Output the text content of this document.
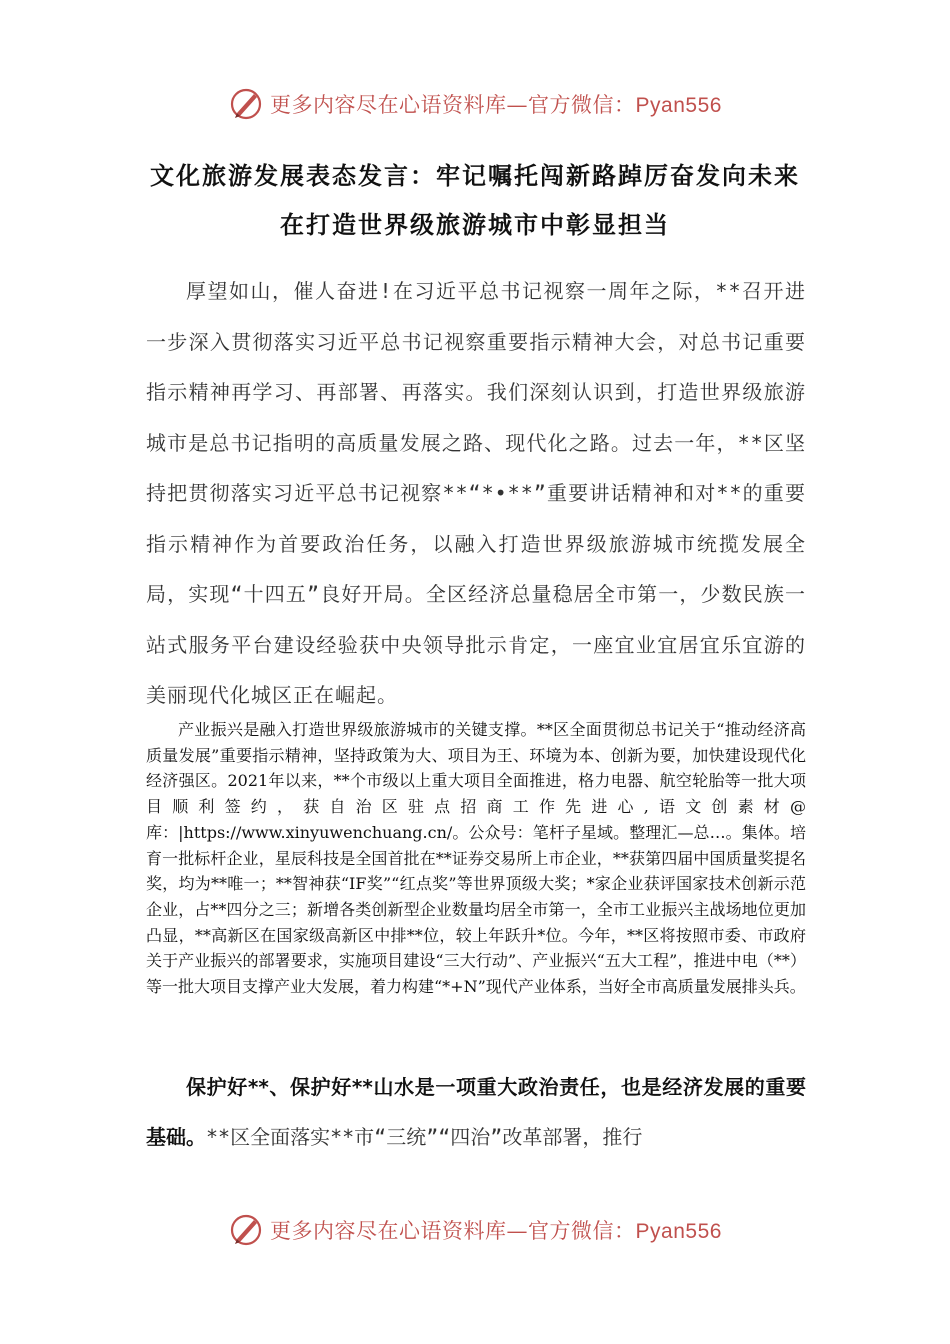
更多内容尽在心语资料库—官方微信：Pyan556
文化旅游发展表态发言：牢记嘱托闯新路踔厉奋发向未来
在打造世界级旅游城市中彰显担当

厚望如山，催人奋进!在习近平总书记视察一周年之际，**召开进一步深入贯彻落实习近平总书记视察重要指示精神大会，对总书记重要指示精神再学习、再部署、再落实。我们深刻认识到，打造世界级旅游城市是总书记指明的高质量发展之路、现代化之路。过去一年，**区坚持把贯彻落实习近平总书记视察**“*•**”重要讲话精神和对**的重要指示精神作为首要政治任务，以融入打造世界级旅游城市统揽发展全局，实现“十四五”良好开局。全区经济总量稳居全市第一，少数民族一站式服务平台建设经验获中央领导批示肯定，一座宜业宜居宜乐宜游的美丽现代化城区正在崛起。

产业振兴是融入打造世界级旅游城市的关键支撑。**区全面贯彻总书记关于“推动经济高质量发展”重要指示精神，坚持政策为大、项目为王、环境为本、创新为要，加快建设现代化经济强区。2021年以来，**个市级以上重大项目全面推进，格力电器、航空轮胎等一批大项目顺利签约，获自治区驻点招商工作先进心,语文创素材@库：|https://www.xinyuwenchuang.cn/。公众号：笔杆子星域。整理汇—总…。集体。培育一批标杆企业，星辰科技是全国首批在**证券交易所上市企业，**获第四届中国质量奖提名奖，均为**唯一；**智神获“IF奖”“红点奖”等世界顶级大奖；*家企业获评国家技术创新示范企业，占**四分之三；新增各类创新型企业数量均居全市第一，全市工业振兴主战场地位更加凸显，**高新区在国家级高新区中排**位，较上年跃升*位。今年，**区将按照市委、市政府关于产业振兴的部署要求，实施项目建设“三大行动”、产业振兴“五大工程”，推进中电（**）等一批大项目支撑产业大发展，着力构建“*+N”现代产业体系，当好全市高质量发展排头兵。

保护好**、保护好**山水是一项重大政治责任，也是经济发展的重要基础。**区全面落实**市“三统”“四治”改革部署，推行

更多内容尽在心语资料库—官方微信：Pyan556
